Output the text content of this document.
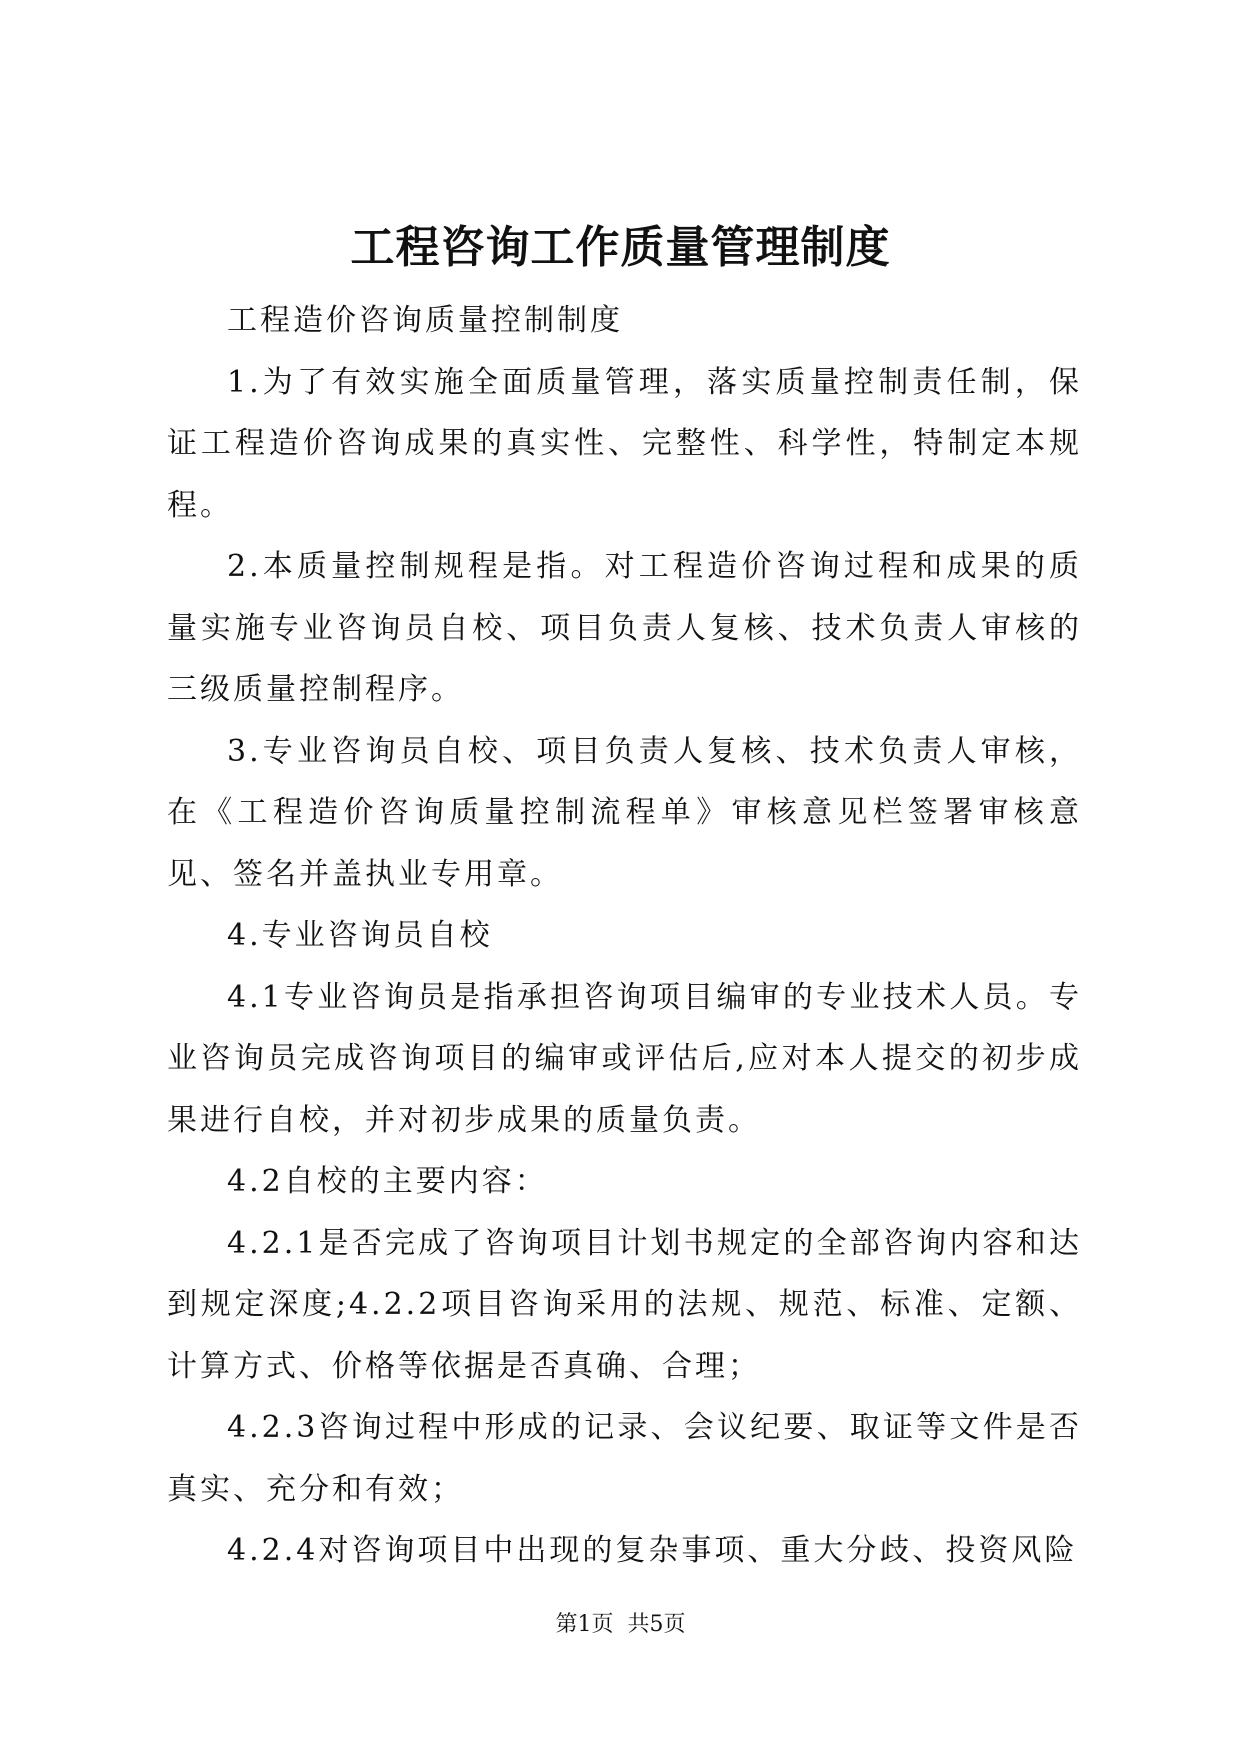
工程咨询工作质量管理制度

工程造价咨询质量控制制度

1.为了有效实施全面质量管理，落实质量控制责任制，保证工程造价咨询成果的真实性、完整性、科学性，特制定本规程。

2.本质量控制规程是指。对工程造价咨询过程和成果的质量实施专业咨询员自校、项目负责人复核、技术负责人审核的三级质量控制程序。

3.专业咨询员自校、项目负责人复核、技术负责人审核，在《工程造价咨询质量控制流程单》审核意见栏签署审核意见、签名并盖执业专用章。

4.专业咨询员自校

4.1专业咨询员是指承担咨询项目编审的专业技术人员。专业咨询员完成咨询项目的编审或评估后,应对本人提交的初步成果进行自校，并对初步成果的质量负责。

4.2自校的主要内容：

4.2.1是否完成了咨询项目计划书规定的全部咨询内容和达到规定深度;4.2.2项目咨询采用的法规、规范、标准、定额、计算方式、价格等依据是否真确、合理；

4.2.3咨询过程中形成的记录、会议纪要、取证等文件是否真实、充分和有效；

4.2.4对咨询项目中出现的复杂事项、重大分歧、投资风险

第1页 共5页
